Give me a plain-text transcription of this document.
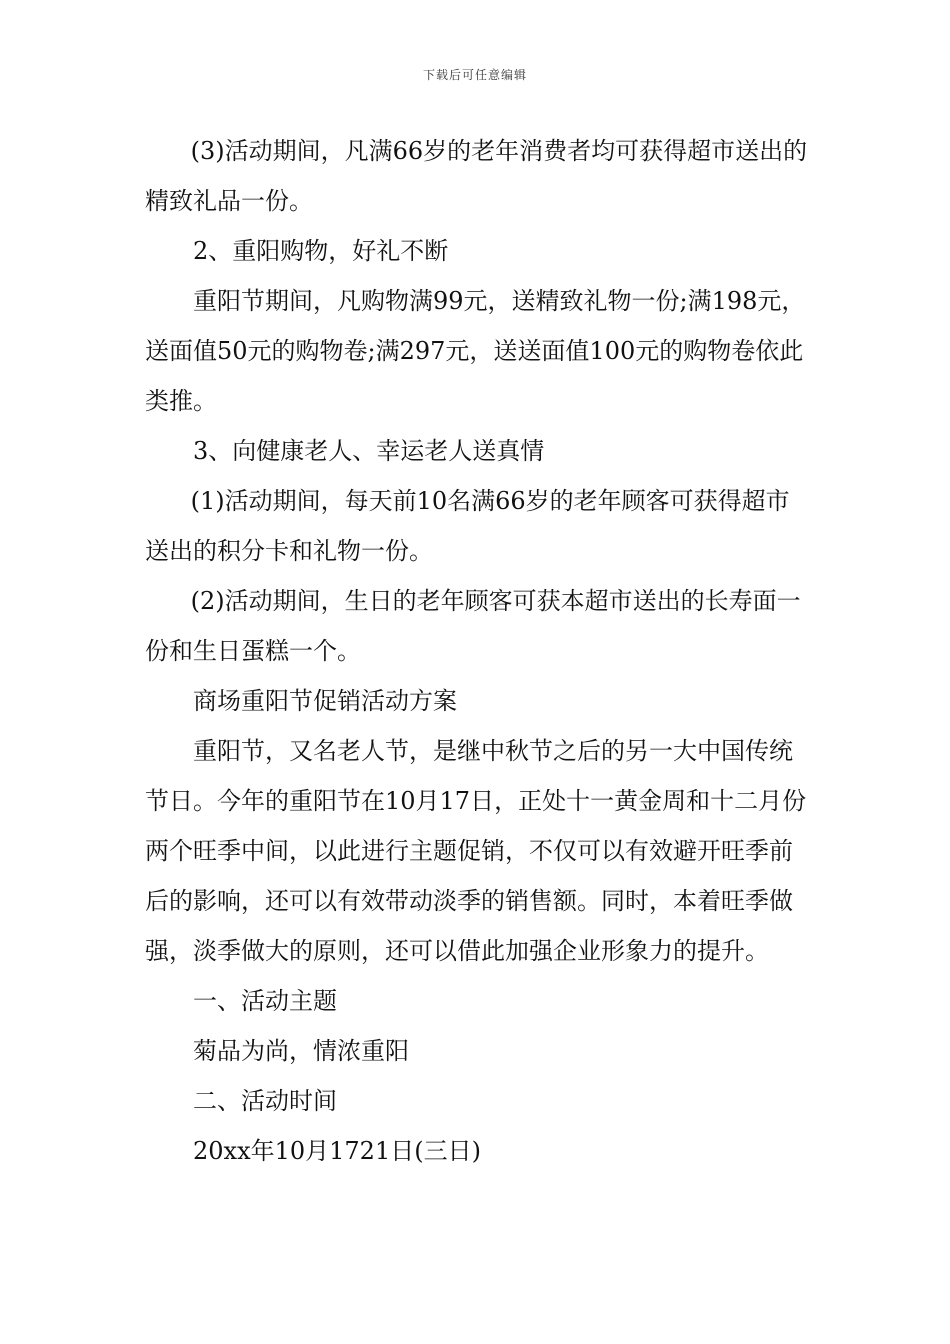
下载后可任意编辑

(3)活动期间，凡满66岁的老年消费者均可获得超市送出的精致礼品一份。

2、重阳购物，好礼不断

重阳节期间，凡购物满99元，送精致礼物一份;满198元，送面值50元的购物卷;满297元，送送面值100元的购物卷依此类推。

3、向健康老人、幸运老人送真情

(1)活动期间，每天前10名满66岁的老年顾客可获得超市送出的积分卡和礼物一份。

(2)活动期间，生日的老年顾客可获本超市送出的长寿面一份和生日蛋糕一个。

商场重阳节促销活动方案

重阳节，又名老人节，是继中秋节之后的另一大中国传统节日。今年的重阳节在10月17日，正处十一黄金周和十二月份两个旺季中间，以此进行主题促销，不仅可以有效避开旺季前后的影响，还可以有效带动淡季的销售额。同时，本着旺季做强，淡季做大的原则，还可以借此加强企业形象力的提升。

一、活动主题

菊品为尚，情浓重阳

二、活动时间

20xx年10月1721日(三日)
